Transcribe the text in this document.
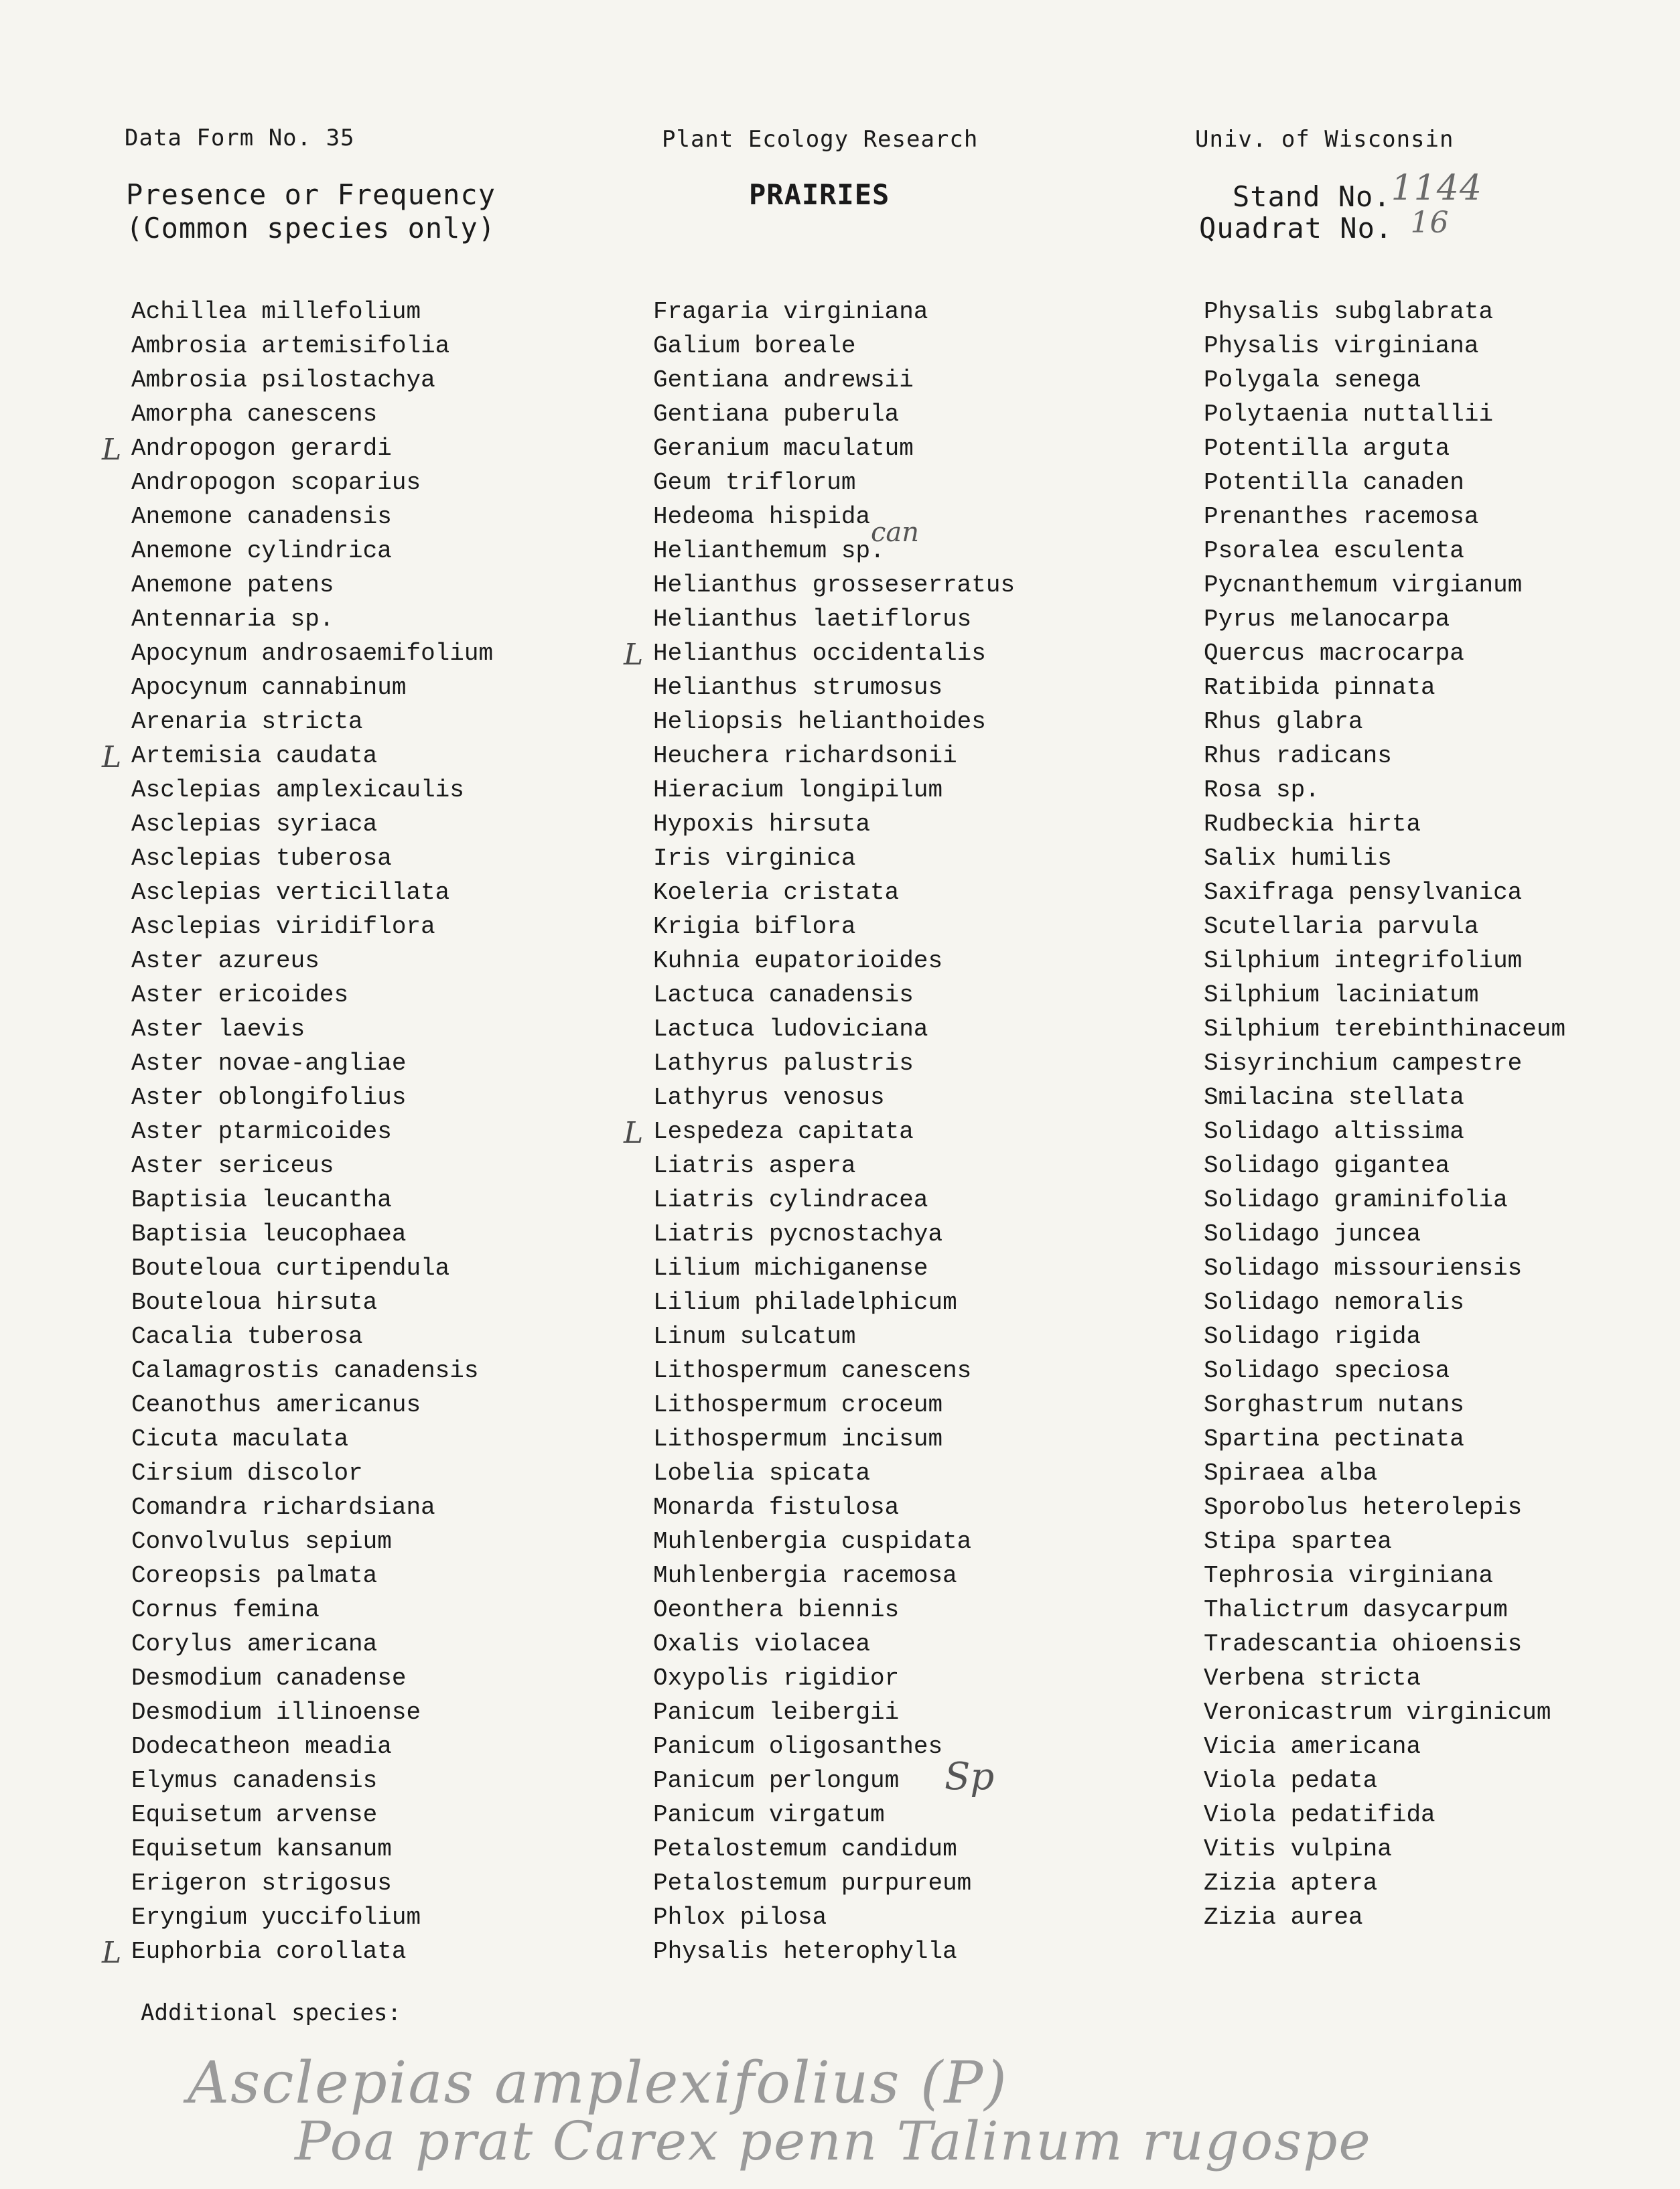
Data Form No. 35	Plant Ecology Research	Univ. of Wisconsin
Presence or Frequency
(Common species only)
PRAIRIES	Stand No.1144
Quadrat No. 16
Achillea millefolium
Ambrosia artemisifolia
Ambrosia psilostachya
Amorpha canescens
L Andropogon gerardi
Andropogon scoparius
Anemone canadensis
Anemone cylindrica
Anemone patens
Antennaria sp.
Apocynum androsaemifolium
Apocynum cannabinum
Arenaria stricta
L Artemisia caudata
Asclepias amplexicaulis
Asclepias syriaca
Asclepias tuberosa
Asclepias verticillata
Asclepias viridiflora
Aster azureus
Aster ericoides
Aster laevis
Aster novae-angliae
Aster oblongifolius
Aster ptarmicoides
Aster sericeus
Baptisia leucantha
Baptisia leucophaea
Bouteloua curtipendula
Bouteloua hirsuta
Cacalia tuberosa
Calamagrostis canadensis
Ceanothus americanus
Cicuta maculata
Cirsium discolor
Comandra richardsiana
Convolvulus sepium
Coreopsis palmata
Cornus femina
Corylus americana
Desmodium canadense
Desmodium illinoense
Dodecatheon meadia
Elymus canadensis
Equisetum arvense
Equisetum kansanum
Erigeron strigosus
Eryngium yuccifolium
L Euphorbia corollata
Fragaria virginiana
Galium boreale
Gentiana andrewsii
Gentiana puberula
Geranium maculatum
Geum triflorum
Hedeoma hispida
Helianthemum sp.
Helianthus grosseserratus
Helianthus laetiflorus
L Helianthus occidentalis
Helianthus strumosus
Heliopsis helianthoides
Heuchera richardsonii
Hieracium longipilum
Hypoxis hirsuta
Iris virginica
Koeleria cristata
Krigia biflora
Kuhnia eupatorioides
Lactuca canadensis
Lactuca ludoviciana
Lathyrus palustris
Lathyrus venosus
L Lespedeza capitata
Liatris aspera
Liatris cylindracea
Liatris pycnostachya
Lilium michiganense
Lilium philadelphicum
Linum sulcatum
Lithospermum canescens
Lithospermum croceum
Lithospermum incisum
Lobelia spicata
Monarda fistulosa
Muhlenbergia cuspidata
Muhlenbergia racemosa
Oeonthera biennis
Oxalis violacea
Oxypolis rigidior
Panicum leibergii
Panicum oligosanthes
Panicum perlongum
Panicum virgatum
Petalostemum candidum
Petalostemum purpureum
Phlox pilosa
Physalis heterophylla
Physalis subglabrata
Physalis virginiana
Polygala senega
Polytaenia nuttallii
Potentilla arguta
Potentilla canaden
Prenanthes racemosa
Psoralea esculenta
Pycnanthemum virgianum
Pyrus melanocarpa
Quercus macrocarpa
Ratibida pinnata
Rhus glabra
Rhus radicans
Rosa sp.
Rudbeckia hirta
Salix humilis
Saxifraga pensylvanica
Scutellaria parvula
Silphium integrifolium
Silphium laciniatum
Silphium terebinthinaceum
Sisyrinchium campestre
Smilacina stellata
Solidago altissima
Solidago gigantea
Solidago graminifolia
Solidago juncea
Solidago missouriensis
Solidago nemoralis
Solidago rigida
Solidago speciosa
Sorghastrum nutans
Spartina pectinata
Spiraea alba
Sporobolus heterolepis
Stipa spartea
Tephrosia virginiana
Thalictrum dasycarpum
Tradescantia ohioensis
Verbena stricta
Veronicastrum virginicum
Vicia americana
Viola pedata
Viola pedatifida
Vitis vulpina
Zizia aptera
Zizia aurea
can
Sp
Additional species:
Asclepias amplexifolius (P)
Poa prat Carex penn Talinum rugospe
